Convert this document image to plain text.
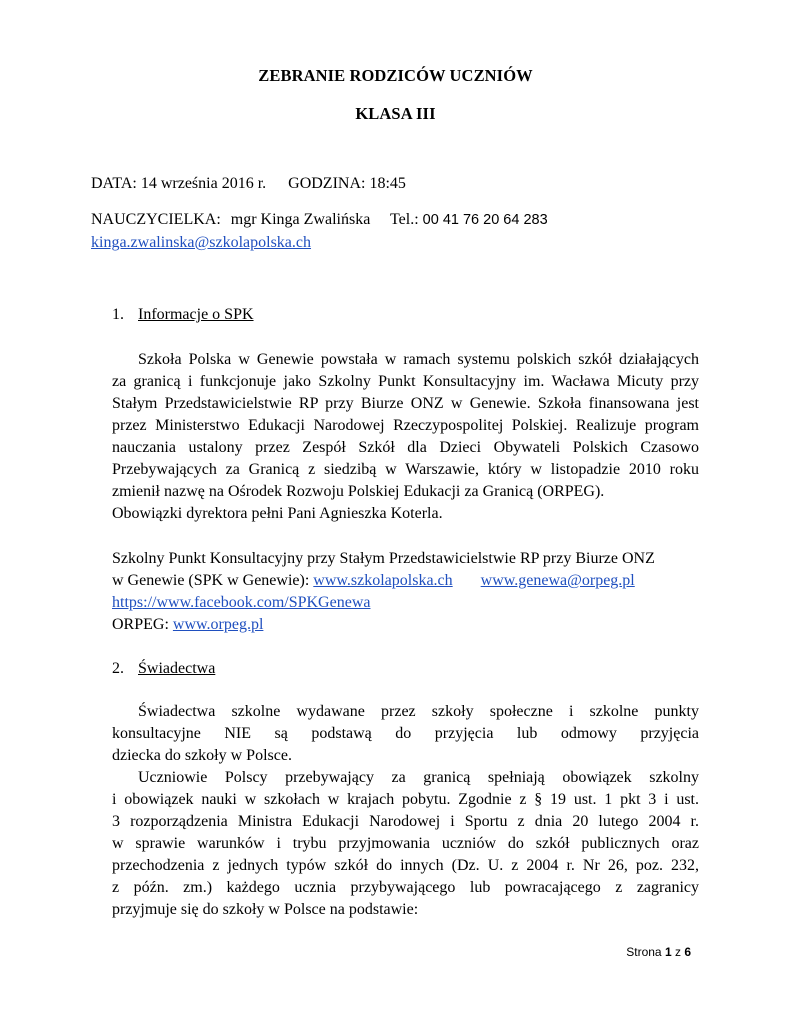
ZEBRANIE RODZICÓW UCZNIÓW
KLASA III
DATA: 14 września 2016 r. GODZINA: 18:45
NAUCZYCIELKA: mgr Kinga Zwalińska Tel.: 00 41 76 20 64 283
kinga.zwalinska@szkolapolska.ch
1. Informacje o SPK
Szkoła Polska w Genewie powstała w ramach systemu polskich szkół działających
za granicą i funkcjonuje jako Szkolny Punkt Konsultacyjny im. Wacława Micuty przy
Stałym Przedstawicielstwie RP przy Biurze ONZ w Genewie. Szkoła finansowana jest
przez Ministerstwo Edukacji Narodowej Rzeczypospolitej Polskiej. Realizuje program
nauczania ustalony przez Zespół Szkół dla Dzieci Obywateli Polskich Czasowo
Przebywających za Granicą z siedzibą w Warszawie, który w listopadzie 2010 roku
zmienił nazwę na Ośrodek Rozwoju Polskiej Edukacji za Granicą (ORPEG).
Obowiązki dyrektora pełni Pani Agnieszka Koterla.
Szkolny Punkt Konsultacyjny przy Stałym Przedstawicielstwie RP przy Biurze ONZ
w Genewie (SPK w Genewie): www.szkolapolska.ch www.genewa@orpeg.pl
https://www.facebook.com/SPKGenewa
ORPEG: www.orpeg.pl
2. Świadectwa
Świadectwa szkolne wydawane przez szkoły społeczne i szkolne punkty
konsultacyjne NIE są podstawą do przyjęcia lub odmowy przyjęcia
dziecka do szkoły w Polsce.
Uczniowie Polscy przebywający za granicą spełniają obowiązek szkolny
i obowiązek nauki w szkołach w krajach pobytu. Zgodnie z § 19 ust. 1 pkt 3 i ust.
3 rozporządzenia Ministra Edukacji Narodowej i Sportu z dnia 20 lutego 2004 r.
w sprawie warunków i trybu przyjmowania uczniów do szkół publicznych oraz
przechodzenia z jednych typów szkół do innych (Dz. U. z 2004 r. Nr 26, poz. 232,
z późn. zm.) każdego ucznia przybywającego lub powracającego z zagranicy
przyjmuje się do szkoły w Polsce na podstawie:
Strona 1 z 6
